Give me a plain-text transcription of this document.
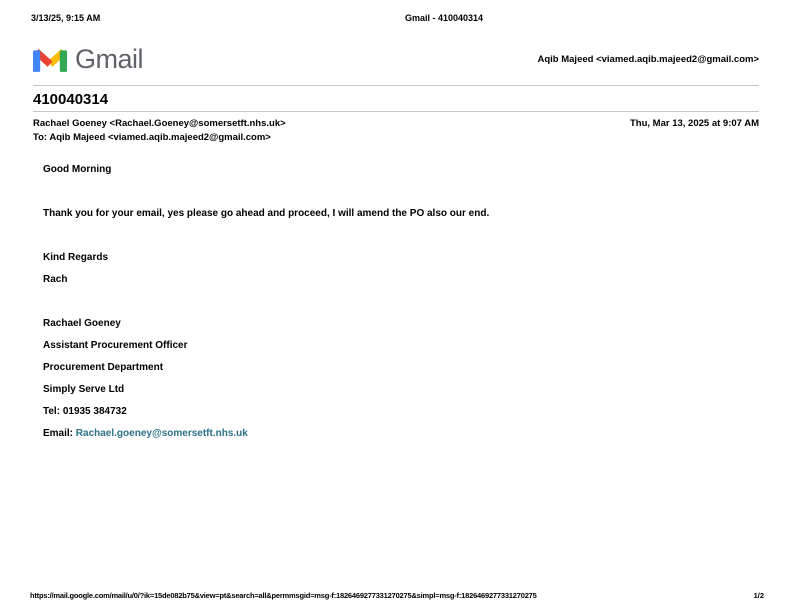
3/13/25, 9:15 AM	Gmail - 410040314
Gmail	Aqib Majeed <viamed.aqib.majeed2@gmail.com>
410040314
Rachael Goeney <Rachael.Goeney@somersetft.nhs.uk>	Thu, Mar 13, 2025 at 9:07 AM
To: Aqib Majeed <viamed.aqib.majeed2@gmail.com>
Good Morning
Thank you for your email, yes please go ahead and proceed, I will amend the PO also our end.
Kind Regards
Rach
Rachael Goeney
Assistant Procurement Officer
Procurement Department
Simply Serve Ltd
Tel: 01935 384732
Email: Rachael.goeney@somersetft.nhs.uk
https://mail.google.com/mail/u/0/?ik=15de082b75&view=pt&search=all&permmsgid=msg-f:1826469277331270275&simpl=msg-f:1826469277331270275	1/2
